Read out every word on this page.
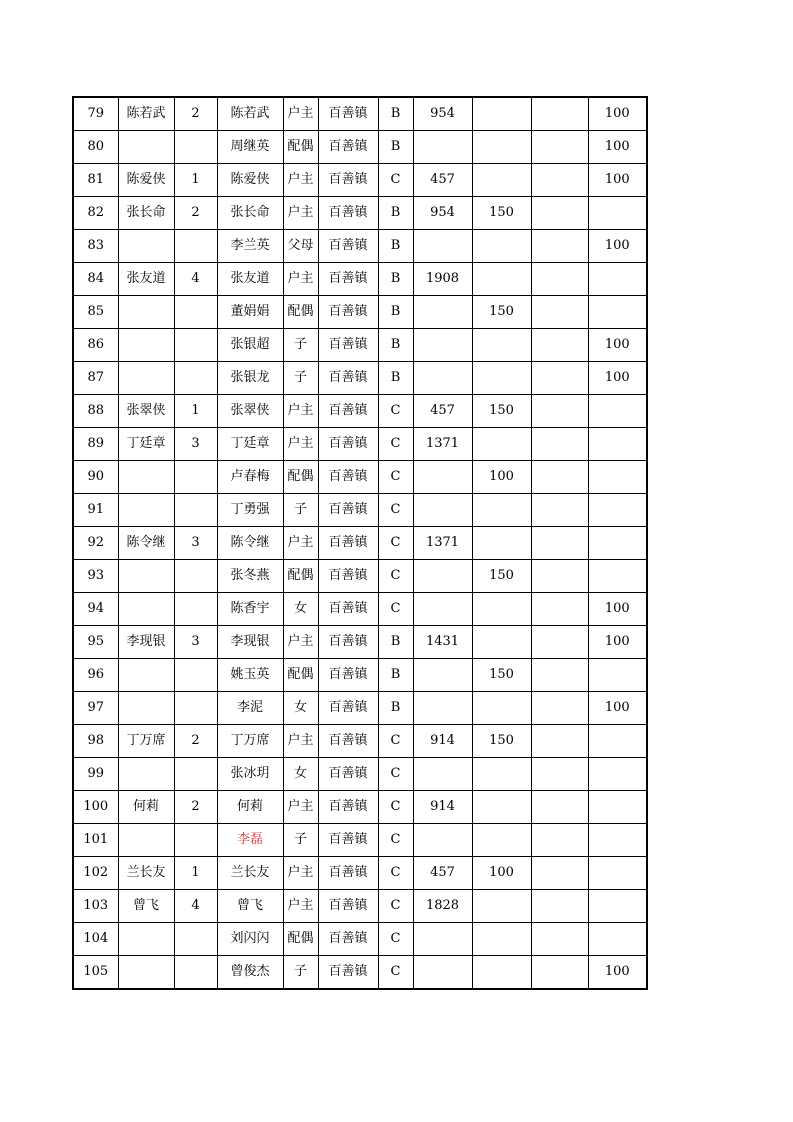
79	陈若武	2	陈若武	户主	百善镇	B	954			100
80			周继英	配偶	百善镇	B				100
81	陈爱侠	1	陈爱侠	户主	百善镇	C	457			100
82	张长命	2	张长命	户主	百善镇	B	954	150		
83			李兰英	父母	百善镇	B				100
84	张友道	4	张友道	户主	百善镇	B	1908			
85			董娟娟	配偶	百善镇	B		150		
86			张银超	子	百善镇	B				100
87			张银龙	子	百善镇	B				100
88	张翠侠	1	张翠侠	户主	百善镇	C	457	150		
89	丁廷章	3	丁廷章	户主	百善镇	C	1371			
90			卢春梅	配偶	百善镇	C		100		
91			丁勇强	子	百善镇	C				
92	陈令继	3	陈令继	户主	百善镇	C	1371			
93			张冬燕	配偶	百善镇	C		150		
94			陈香宇	女	百善镇	C				100
95	李现银	3	李现银	户主	百善镇	B	1431			100
96			姚玉英	配偶	百善镇	B		150		
97			李泥	女	百善镇	B				100
98	丁万席	2	丁万席	户主	百善镇	C	914	150		
99			张冰玥	女	百善镇	C				
100	何莉	2	何莉	户主	百善镇	C	914			
101			李磊	子	百善镇	C				
102	兰长友	1	兰长友	户主	百善镇	C	457	100		
103	曾飞	4	曾飞	户主	百善镇	C	1828			
104			刘闪闪	配偶	百善镇	C				
105			曾俊杰	子	百善镇	C				100
